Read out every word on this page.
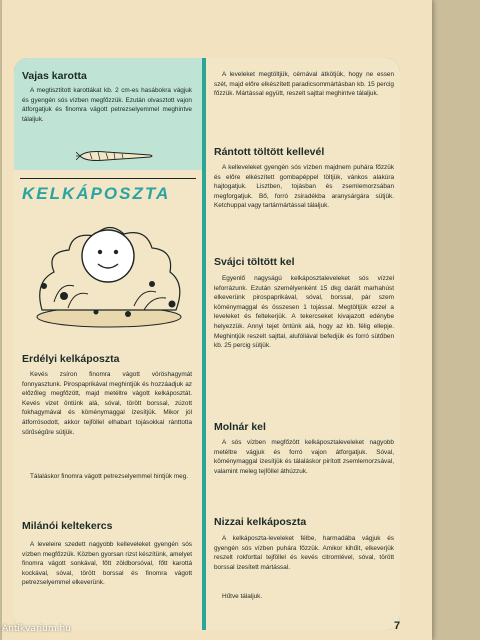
Vajas karotta

A megtisztított karottákat kb. 2 cm-es hasábokra vágjuk és gyengén sós vízben megfőzzük. Ezután olvasztott vajon átforgatjuk és finomra vágott petrezselyemmel meghintve tálaljuk.

KELKÁPOSZTA
Erdélyi kelkáposzta

Kevés zsíron finomra vágott vöröshagymát fonnyasztunk. Pirospaprikával meghintjük és hozzáadjuk az előzőleg megfőzött, majd metéltre vágott kelkáposztát. Kevés vizet öntünk alá, sóval, törött borssal, zúzott fokhagymával és köménymaggal ízesítjük. Mikor jól átforrósodott, akkor tejföllel elhabart tojásokkal ránttotta sűrűségűre sütjük.

Tálaláskor finomra vágott petrezselyemmel hintjük meg.

Milánói keltekercs

A leveleire szedett nagyobb kelleveleket gyengén sós vízben megfőzzük. Közben gyorsan rizst készítünk, amelyet finomra vágott sonkával, főtt zöldborsóval, főtt karottá kockával, sóval, törött borssal és finomra vágott petrezselyemmel elkeverünk.

A leveleket megtöltjük, cérnával átkötjük, hogy ne essen szét, majd előre elkészített paradicsommártásban kb. 15 percig főzzük. Mártással együtt, reszelt sajttal meghintve tálaljuk.

Rántott töltött kellevél

A kelleveleket gyengén sós vízben majdnem puhára főzzük és előre elkészített gombapéppel töltjük, vánkos alakúra hajtogatjuk. Lisztben, tojásban és zsemlemorzsában megforgatjuk. Bő, forró zsiradékba aranysárgára sütjük. Ketchuppal vagy tartármártással tálaljuk.

Svájci töltött kel

Egyenlő nagyságú kelkáposztaleveleket sós vízzel leforrázunk. Ezután személyenként 15 dkg darált marhahúst elkeverünk pirospaprikával, sóval, borssal, pár szem köménymaggal és összesen 1 tojással. Megtöltjük ezzel a leveleket és feltekerjük. A tekercseket kivajazott edénybe helyezzük. Annyi tejet öntünk alá, hogy az kb. félig ellepje. Meghintjük reszelt sajttal, alufóliával befedjük és forró sütőben kb. 25 percig sütjük.

Molnár kel

A sós vízben megfőzött kelkáposztaleveleket nagyobb metéltre vágjuk és forró vajon átforgatjuk. Sóval, köménymaggal ízesítjük és tálaláskor pirított zsemlemorzsával, valamint meleg tejföllel áthúzzuk.

Nizzai kelkáposzta

A kelkáposzta-leveleket félbe, harmadába vágjuk és gyengén sós vízben puhára főzzük. Amikor kihűlt, elkeverjük reszelt rokforttal tejföllel és kevés citromlével, sóval, törött borssal ízesített mártással.

Hűtve tálaljuk.

7
Antikvarium.hu
